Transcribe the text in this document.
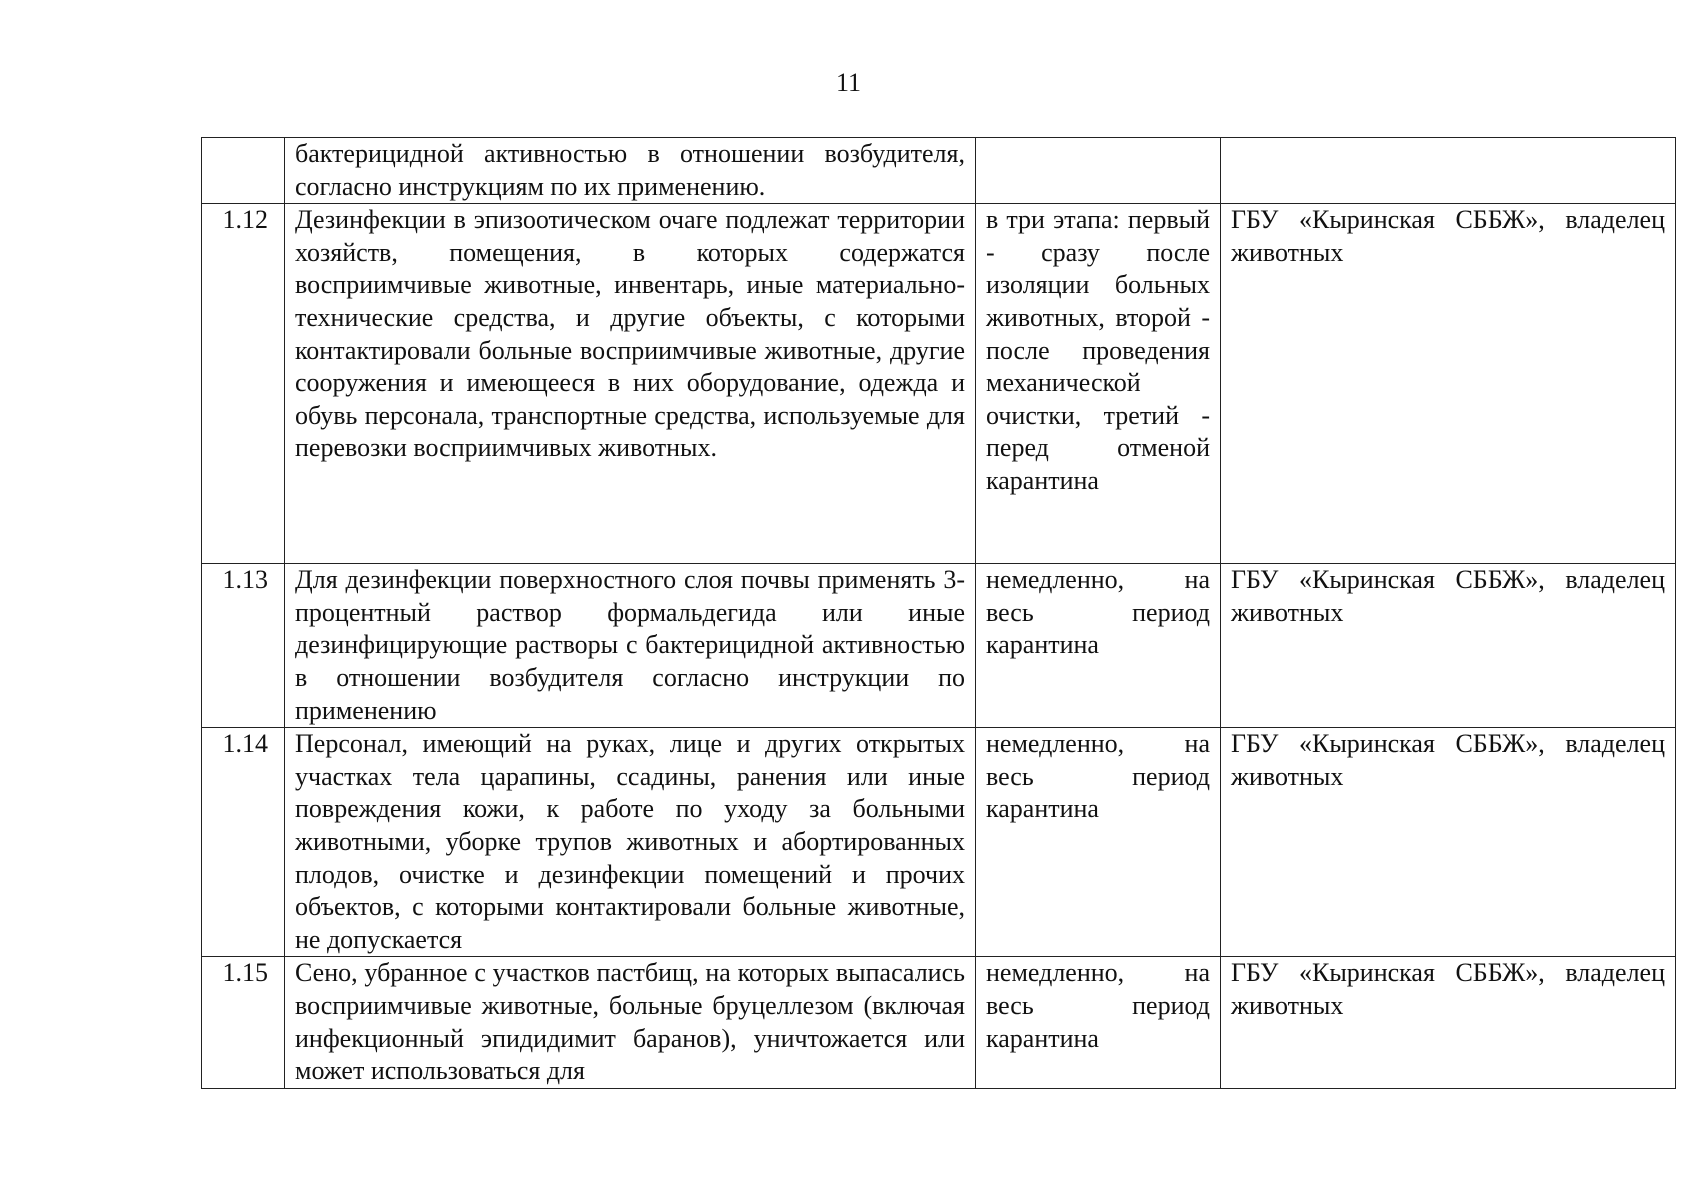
11
	бактерицидной активностью в отношении возбудителя, согласно инструкциям по их применению.		
1.12	Дезинфекции в эпизоотическом очаге подлежат территории хозяйств, помещения, в которых содержатся восприимчивые животные, инвентарь, иные материально-технические средства, и другие объекты, с которыми контактировали больные восприимчивые животные, другие сооружения и имеющееся в них оборудование, одежда и обувь персонала, транспортные средства, используемые для перевозки восприимчивых животных.	в три этапа: первый - сразу после изоляции больных животных, второй - после проведения механической очистки, третий - перед отменой карантина	ГБУ «Кыринская СББЖ», владелец животных
1.13	Для дезинфекции поверхностного слоя почвы применять 3-процентный раствор формальдегида или иные дезинфицирующие растворы с бактерицидной активностью в отношении возбудителя согласно инструкции по применению	немедленно, на весь период карантина	ГБУ «Кыринская СББЖ», владелец животных
1.14	Персонал, имеющий на руках, лице и других открытых участках тела царапины, ссадины, ранения или иные повреждения кожи, к работе по уходу за больными животными, уборке трупов животных и абортированных плодов, очистке и дезинфекции помещений и прочих объектов, с которыми контактировали больные животные, не допускается	немедленно, на весь период карантина	ГБУ «Кыринская СББЖ», владелец животных
1.15	Сено, убранное с участков пастбищ, на которых выпасались восприимчивые животные, больные бруцеллезом (включая инфекционный эпидидимит баранов), уничтожается или может использоваться для	немедленно, на весь период карантина	ГБУ «Кыринская СББЖ», владелец животных
